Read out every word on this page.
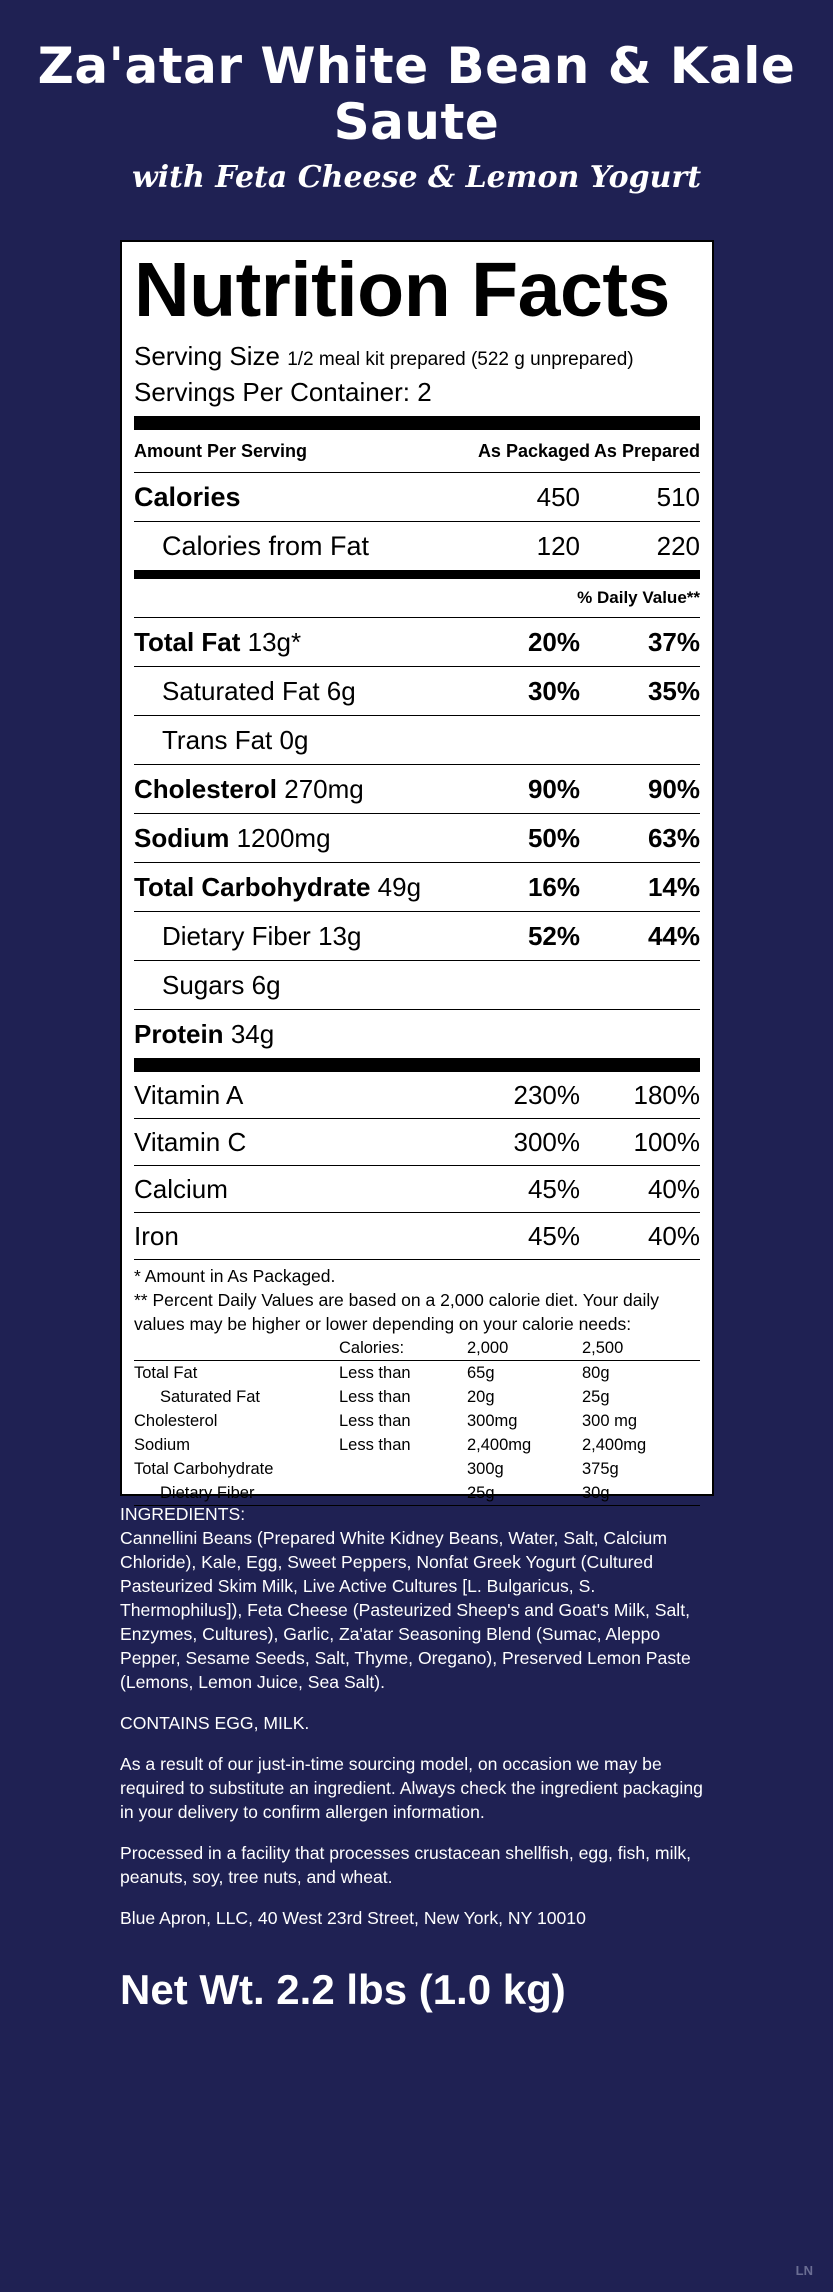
Za'atar White Bean & Kale Saute

with Feta Cheese & Lemon Yogurt

Nutrition Facts
Serving Size 1/2 meal kit prepared (522 g unprepared)
Servings Per Container: 2
Amount Per Serving	As Packaged As Prepared
Calories	450	510
Calories from Fat	120	220
% Daily Value**
Total Fat 13g*	20%	37%
Saturated Fat 6g	30%	35%
Trans Fat 0g
Cholesterol 270mg	90%	90%
Sodium 1200mg	50%	63%
Total Carbohydrate 49g	16%	14%
Dietary Fiber 13g	52%	44%
Sugars 6g
Protein 34g
Vitamin A	230%	180%
Vitamin C	300%	100%
Calcium	45%	40%
Iron	45%	40%
* Amount in As Packaged.
** Percent Daily Values are based on a 2,000 calorie diet. Your daily values may be higher or lower depending on your calorie needs:
	Calories:	2,000	2,500
Total Fat	Less than	65g	80g
Saturated Fat	Less than	20g	25g
Cholesterol	Less than	300mg	300 mg
Sodium	Less than	2,400mg	2,400mg
Total Carbohydrate		300g	375g
Dietary Fiber		25g	30g

INGREDIENTS:
Cannellini Beans (Prepared White Kidney Beans, Water, Salt, Calcium Chloride), Kale, Egg, Sweet Peppers, Nonfat Greek Yogurt (Cultured Pasteurized Skim Milk, Live Active Cultures [L. Bulgaricus, S. Thermophilus]), Feta Cheese (Pasteurized Sheep's and Goat's Milk, Salt, Enzymes, Cultures), Garlic, Za'atar Seasoning Blend (Sumac, Aleppo Pepper, Sesame Seeds, Salt, Thyme, Oregano), Preserved Lemon Paste (Lemons, Lemon Juice, Sea Salt).

CONTAINS EGG, MILK.

As a result of our just-in-time sourcing model, on occasion we may be required to substitute an ingredient. Always check the ingredient packaging in your delivery to confirm allergen information.

Processed in a facility that processes crustacean shellfish, egg, fish, milk, peanuts, soy, tree nuts, and wheat.

Blue Apron, LLC, 40 West 23rd Street, New York, NY 10010

Net Wt. 2.2 lbs (1.0 kg)
LN
